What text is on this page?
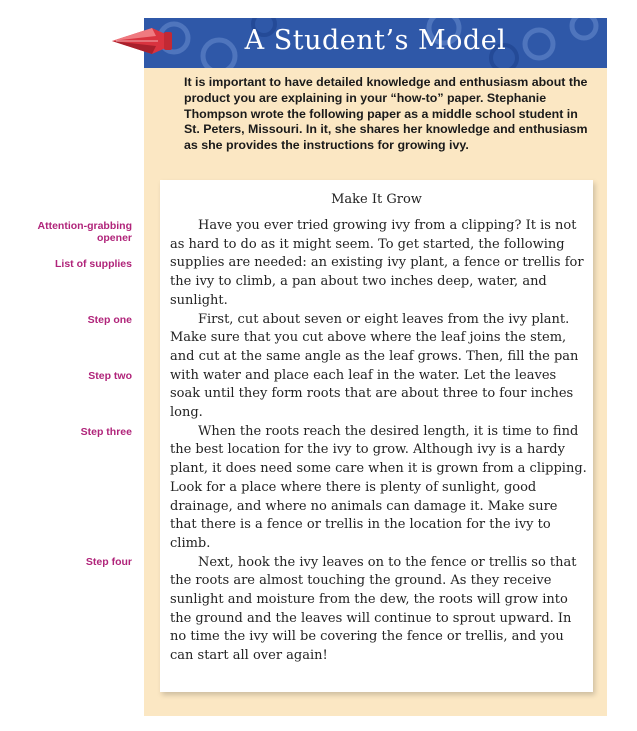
A Student’s Model
It is important to have detailed knowledge and enthusiasm about the product you are explaining in your “how-to” paper. Stephanie Thompson wrote the following paper as a middle school student in St. Peters, Missouri. In it, she shares her knowledge and enthusiasm as she provides the instructions for growing ivy.
Make It Grow

Have you ever tried growing ivy from a clipping? It is not as hard to do as it might seem. To get started, the following supplies are needed: an existing ivy plant, a fence or trellis for the ivy to climb, a pan about two inches deep, water, and sunlight.

First, cut about seven or eight leaves from the ivy plant. Make sure that you cut above where the leaf joins the stem, and cut at the same angle as the leaf grows. Then, fill the pan with water and place each leaf in the water. Let the leaves soak until they form roots that are about three to four inches long.

When the roots reach the desired length, it is time to find the best location for the ivy to grow. Although ivy is a hardy plant, it does need some care when it is grown from a clipping. Look for a place where there is plenty of sunlight, good drainage, and where no animals can damage it. Make sure that there is a fence or trellis in the location for the ivy to climb.

Next, hook the ivy leaves on to the fence or trellis so that the roots are almost touching the ground. As they receive sunlight and moisture from the dew, the roots will grow into the ground and the leaves will continue to sprout upward. In no time the ivy will be covering the fence or trellis, and you can start all over again!

Attention-grabbing
opener
List of supplies
Step one
Step two
Step three
Step four
